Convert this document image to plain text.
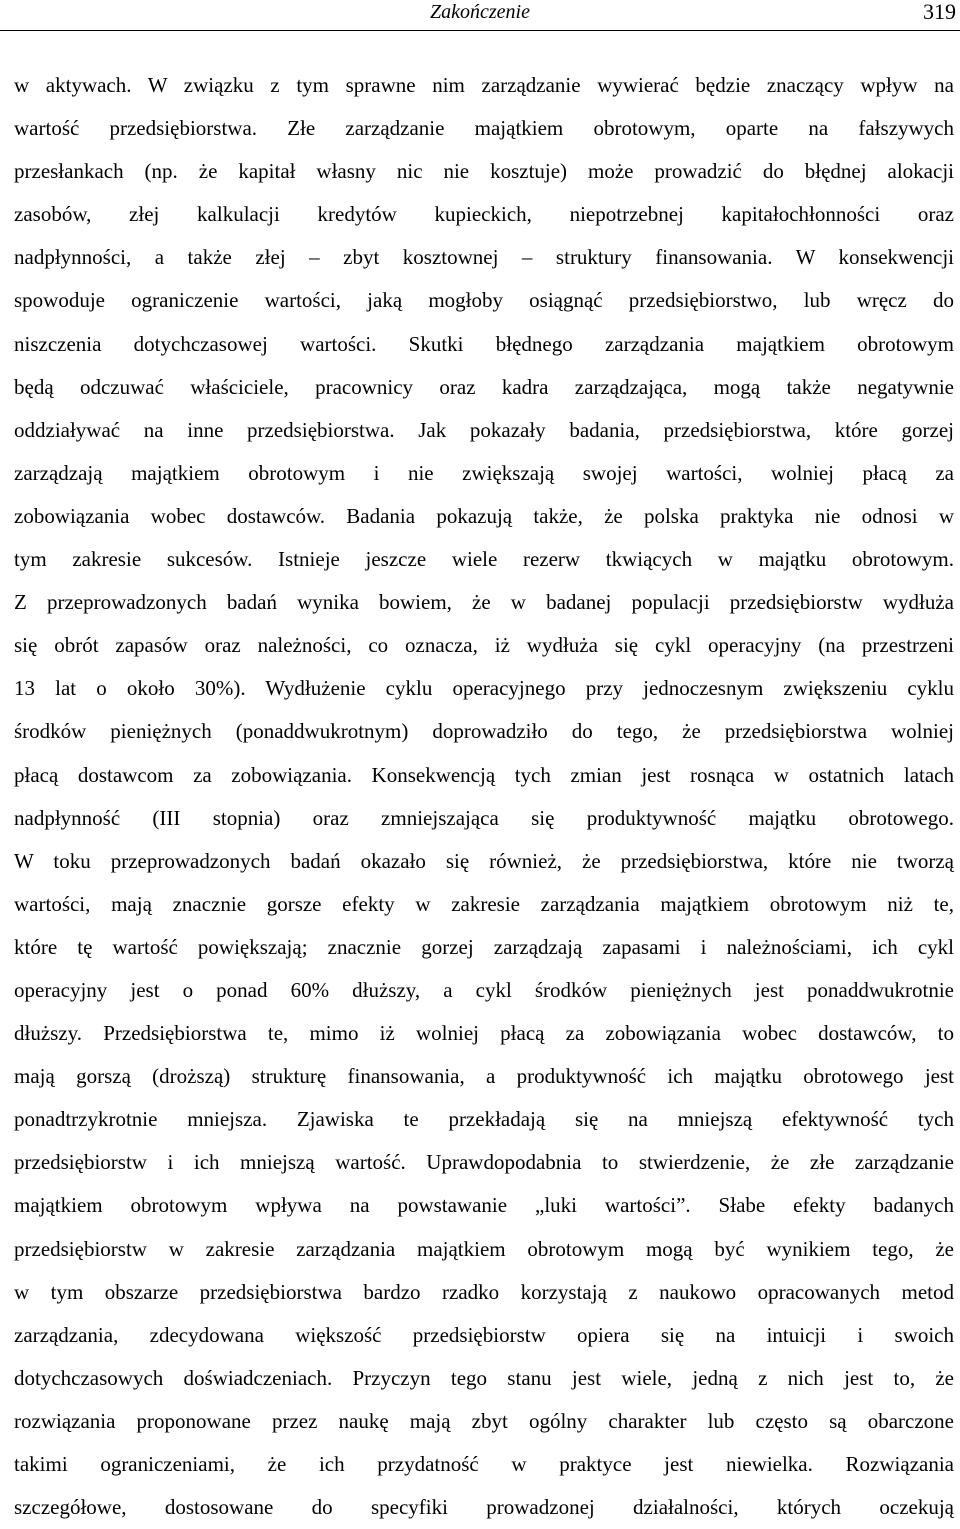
Zakończenie	319
w aktywach. W związku z tym sprawne nim zarządzanie wywierać będzie znaczący wpływ na
wartość przedsiębiorstwa. Złe zarządzanie majątkiem obrotowym, oparte na fałszywych
przesłankach (np. że kapitał własny nic nie kosztuje) może prowadzić do błędnej alokacji
zasobów, złej kalkulacji kredytów kupieckich, niepotrzebnej kapitałochłonności oraz
nadpłynności, a także złej – zbyt kosztownej – struktury finansowania. W konsekwencji
spowoduje ograniczenie wartości, jaką mogłoby osiągnąć przedsiębiorstwo, lub wręcz do
niszczenia dotychczasowej wartości. Skutki błędnego zarządzania majątkiem obrotowym
będą odczuwać właściciele, pracownicy oraz kadra zarządzająca, mogą także negatywnie
oddziaływać na inne przedsiębiorstwa. Jak pokazały badania, przedsiębiorstwa, które gorzej
zarządzają majątkiem obrotowym i nie zwiększają swojej wartości, wolniej płacą za
zobowiązania wobec dostawców. Badania pokazują także, że polska praktyka nie odnosi w
tym zakresie sukcesów. Istnieje jeszcze wiele rezerw tkwiących w majątku obrotowym.
Z przeprowadzonych badań wynika bowiem, że w badanej populacji przedsiębiorstw wydłuża
się obrót zapasów oraz należności, co oznacza, iż wydłuża się cykl operacyjny (na przestrzeni
13 lat o około 30%). Wydłużenie cyklu operacyjnego przy jednoczesnym zwiększeniu cyklu
środków pieniężnych (ponaddwukrotnym) doprowadziło do tego, że przedsiębiorstwa wolniej
płacą dostawcom za zobowiązania. Konsekwencją tych zmian jest rosnąca w ostatnich latach
nadpłynność (III stopnia) oraz zmniejszająca się produktywność majątku obrotowego.
W toku przeprowadzonych badań okazało się również, że przedsiębiorstwa, które nie tworzą
wartości, mają znacznie gorsze efekty w zakresie zarządzania majątkiem obrotowym niż te,
które tę wartość powiększają; znacznie gorzej zarządzają zapasami i należnościami, ich cykl
operacyjny jest o ponad 60% dłuższy, a cykl środków pieniężnych jest ponaddwukrotnie
dłuższy. Przedsiębiorstwa te, mimo iż wolniej płacą za zobowiązania wobec dostawców, to
mają gorszą (droższą) strukturę finansowania, a produktywność ich majątku obrotowego jest
ponadtrzykrotnie mniejsza. Zjawiska te przekładają się na mniejszą efektywność tych
przedsiębiorstw i ich mniejszą wartość. Uprawdopodabnia to stwierdzenie, że złe zarządzanie
majątkiem obrotowym wpływa na powstawanie „luki wartości”. Słabe efekty badanych
przedsiębiorstw w zakresie zarządzania majątkiem obrotowym mogą być wynikiem tego, że
w tym obszarze przedsiębiorstwa bardzo rzadko korzystają z naukowo opracowanych metod
zarządzania, zdecydowana większość przedsiębiorstw opiera się na intuicji i swoich
dotychczasowych doświadczeniach. Przyczyn tego stanu jest wiele, jedną z nich jest to, że
rozwiązania proponowane przez naukę mają zbyt ogólny charakter lub często są obarczone
takimi ograniczeniami, że ich przydatność w praktyce jest niewielka. Rozwiązania
szczegółowe, dostosowane do specyfiki prowadzonej działalności, których oczekują
